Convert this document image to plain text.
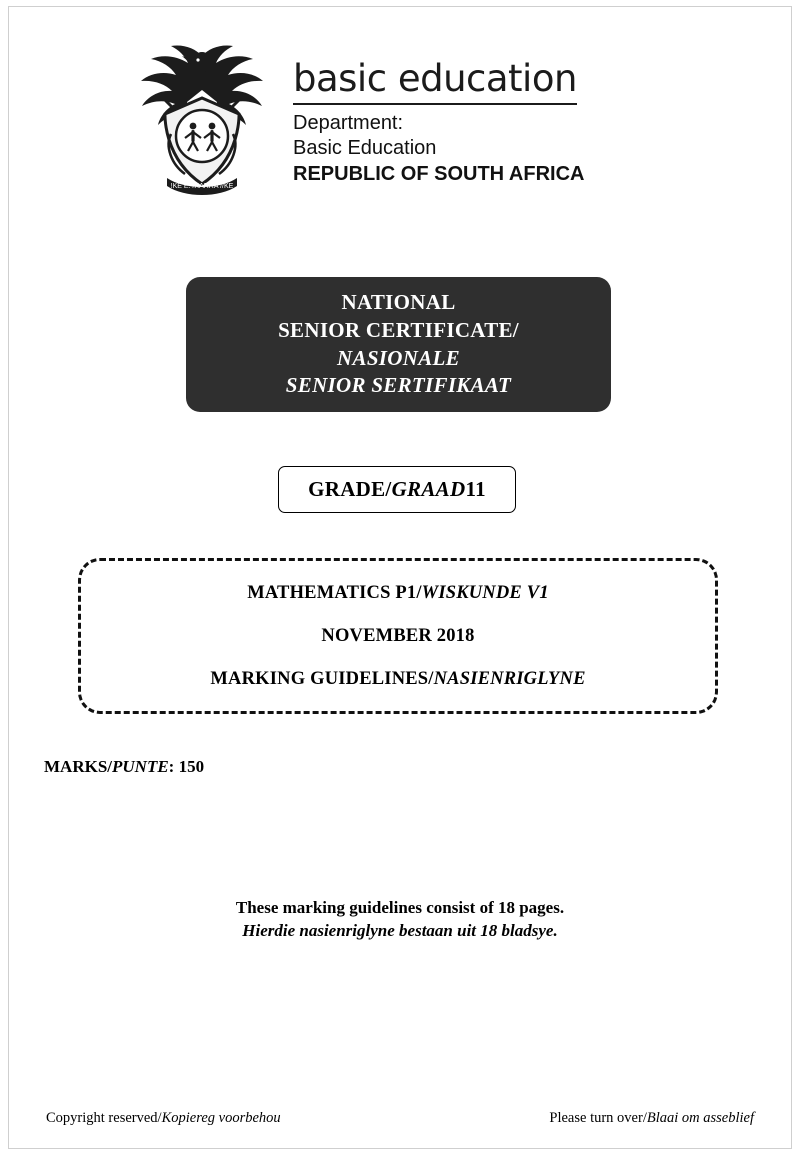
!KE E: /XARRA //KE
basic education
Department:
Basic Education
REPUBLIC OF SOUTH AFRICA
NATIONAL
SENIOR CERTIFICATE/
NASIONALE
SENIOR SERTIFIKAAT
GRADE/ GRAAD 11
MATHEMATICS P1/WISKUNDE V1
NOVEMBER 2018
MARKING GUIDELINES/NASIENRIGLYNE
MARKS/PUNTE: 150
These marking guidelines consist of 18 pages.
Hierdie nasienriglyne bestaan uit 18 bladsye.
Copyright reserved/Kopiereg voorbehou	Please turn over/Blaai om asseblief
